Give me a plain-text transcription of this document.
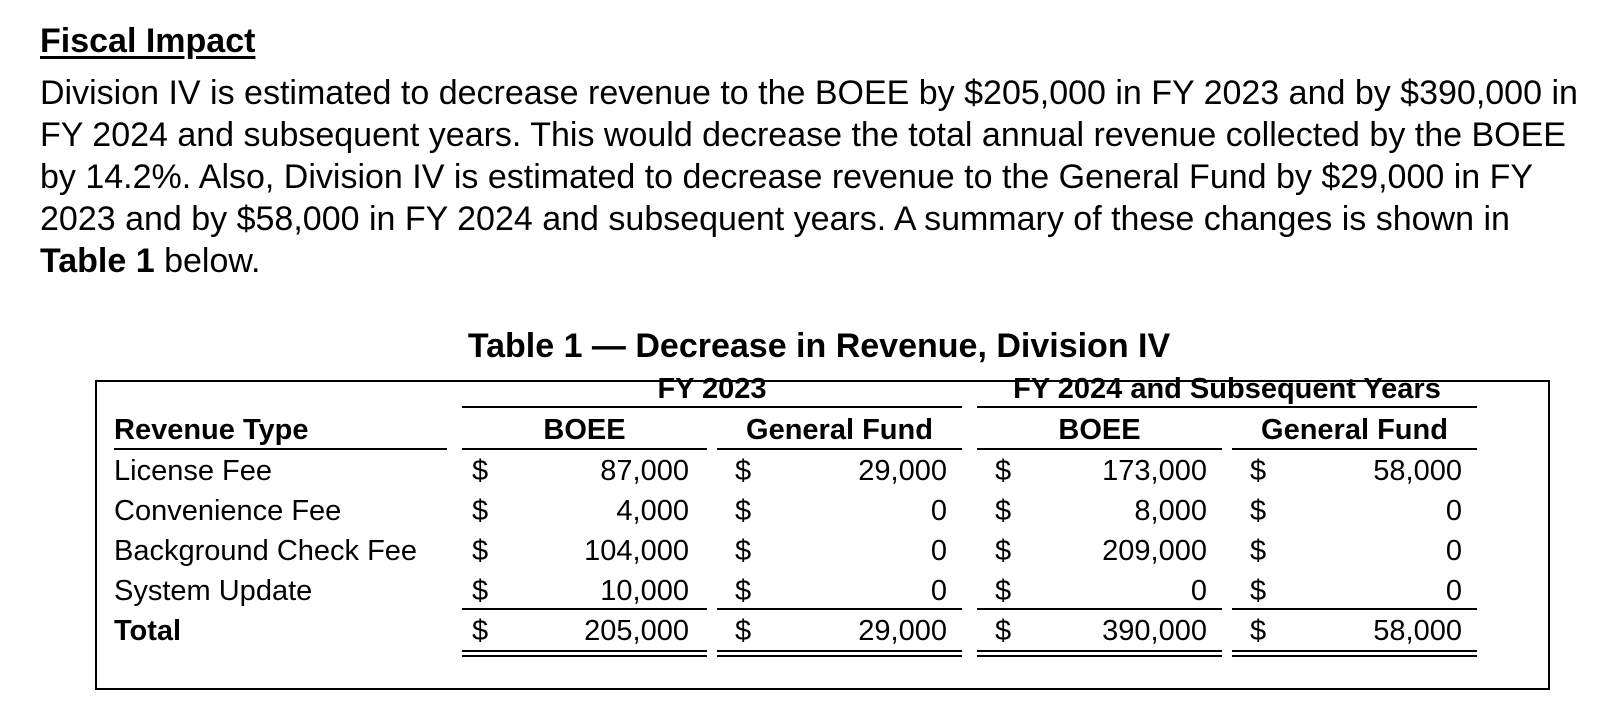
Fiscal Impact

Division IV is estimated to decrease revenue to the BOEE by $205,000 in FY 2023 and by $390,000 in FY 2024 and subsequent years. This would decrease the total annual revenue collected by the BOEE by 14.2%. Also, Division IV is estimated to decrease revenue to the General Fund by $29,000 in FY 2023 and by $58,000 in FY 2024 and subsequent years. A summary of these changes is shown in Table 1 below.

Table 1 — Decrease in Revenue, Division IV
FY 2023	FY 2024 and Subsequent Years
Revenue Type	BOEE	General Fund	BOEE	General Fund
License Fee	$	87,000 $	29,000 $	173,000 $	58,000
Convenience Fee	$	4,000 $	0 $	8,000 $	0
Background Check Fee $	104,000 $	0 $	209,000 $	0
System Update	$	10,000 $	0 $	0 $	0
Total	$	205,000 $	29,000 $	390,000 $	58,000
